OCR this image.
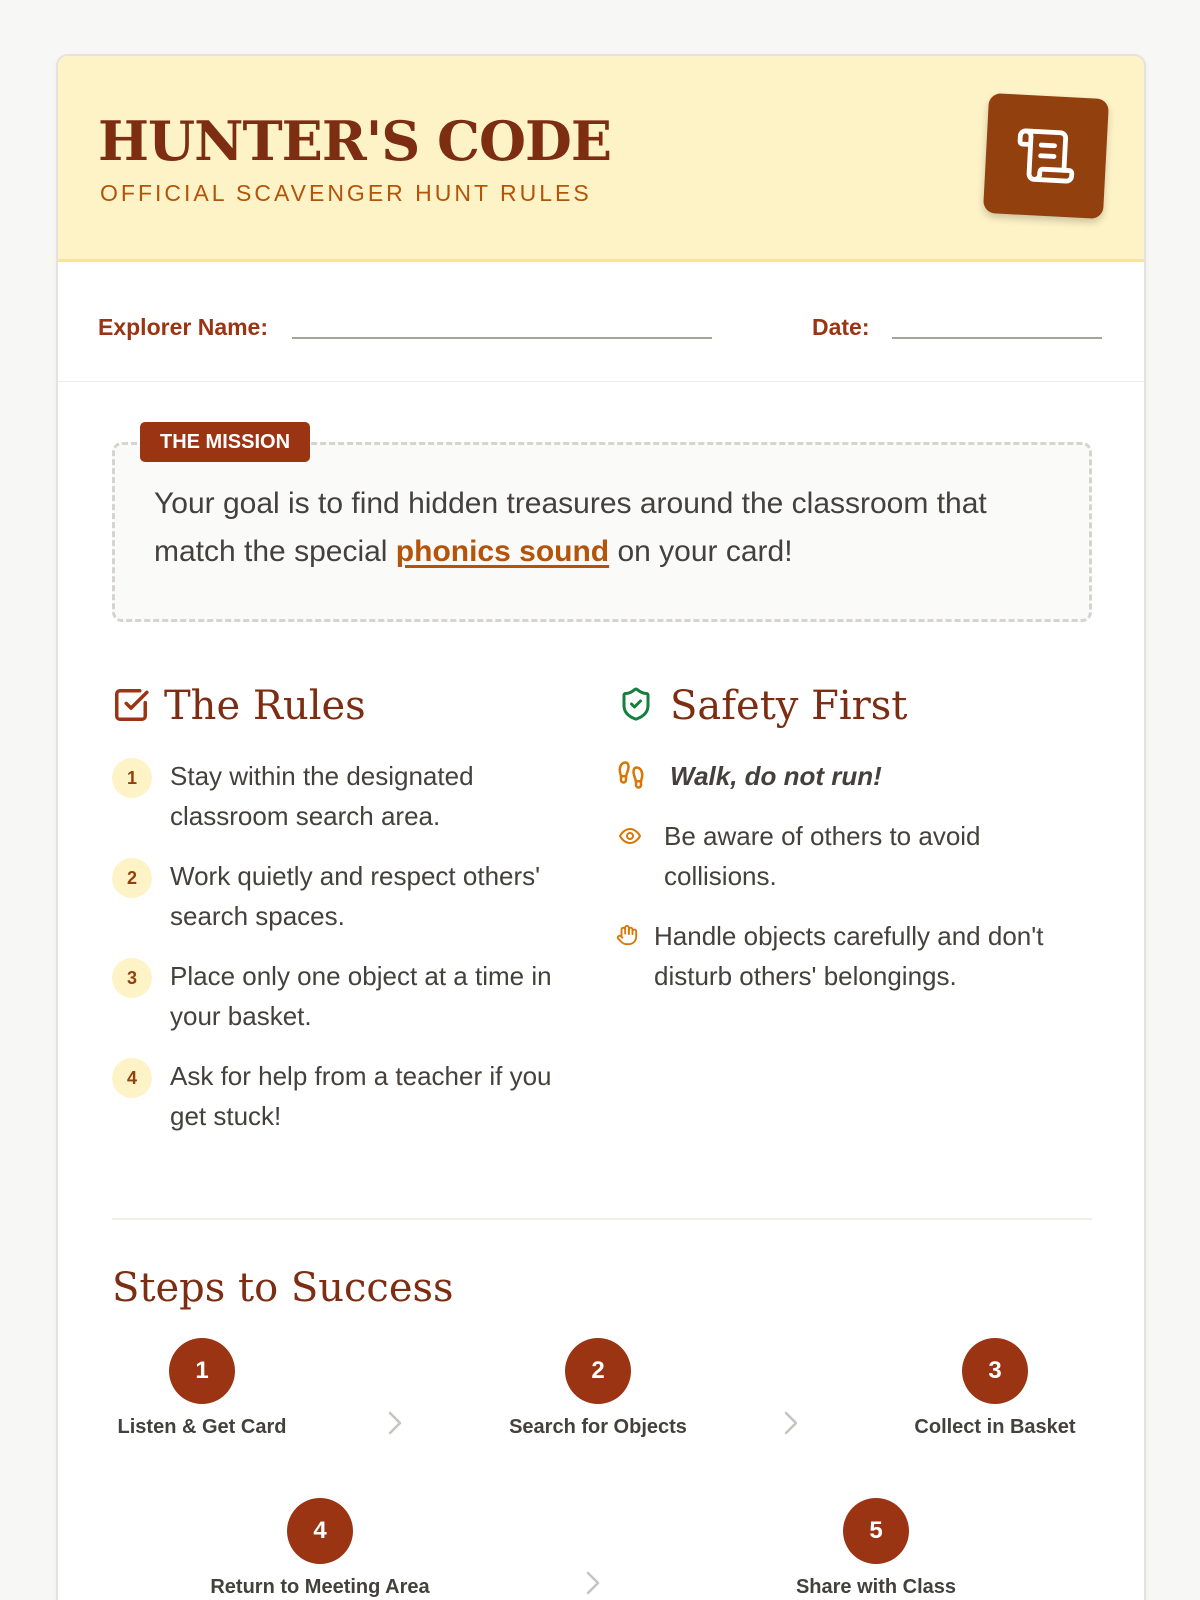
HUNTER'S CODE
OFFICIAL SCAVENGER HUNT RULES
Explorer Name:	Date:
THE MISSION
Your goal is to find hidden treasures around the classroom that match the special phonics sound on your card!
The Rules
1	Stay within the designated classroom search area.
2	Work quietly and respect others' search spaces.
3	Place only one object at a time in your basket.
4	Ask for help from a teacher if you get stuck!
Safety First
Walk, do not run!
Be aware of others to avoid collisions.
Handle objects carefully and don't disturb others' belongings.
Steps to Success
1
Listen & Get Card
2
Search for Objects
3
Collect in Basket
4
Return to Meeting Area
5
Share with Class
